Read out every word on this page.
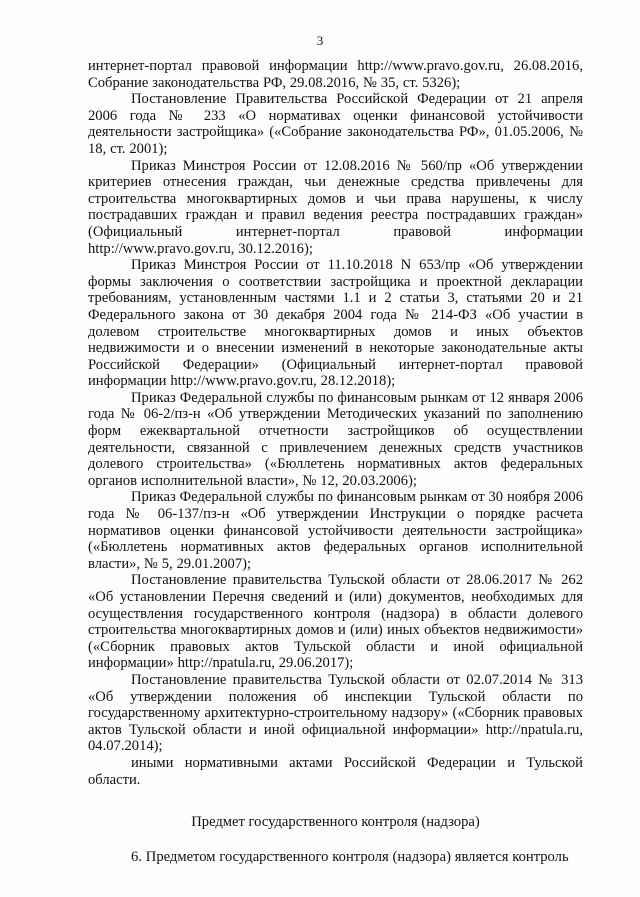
3

интернет-портал правовой информации http://www.pravo.gov.ru, 26.08.2016, Собрание законодательства РФ, 29.08.2016, № 35, ст. 5326);

Постановление Правительства Российской Федерации от 21 апреля 2006 года № 233 «О нормативах оценки финансовой устойчивости деятельности застройщика» («Собрание законодательства РФ», 01.05.2006, № 18, ст. 2001);

Приказ Минстроя России от 12.08.2016 № 560/пр «Об утверждении критериев отнесения граждан, чьи денежные средства привлечены для строительства многоквартирных домов и чьи права нарушены, к числу пострадавших граждан и правил ведения реестра пострадавших граждан» (Официальный интернет-портал правовой информации http://www.pravo.gov.ru, 30.12.2016);

Приказ Минстроя России от 11.10.2018 N 653/пр «Об утверждении формы заключения о соответствии застройщика и проектной декларации требованиям, установленным частями 1.1 и 2 статьи 3, статьями 20 и 21 Федерального закона от 30 декабря 2004 года № 214-ФЗ «Об участии в долевом строительстве многоквартирных домов и иных объектов недвижимости и о внесении изменений в некоторые законодательные акты Российской Федерации» (Официальный интернет-портал правовой информации http://www.pravo.gov.ru, 28.12.2018);

Приказ Федеральной службы по финансовым рынкам от 12 января 2006 года № 06-2/пз-н «Об утверждении Методических указаний по заполнению форм ежеквартальной отчетности застройщиков об осуществлении деятельности, связанной с привлечением денежных средств участников долевого строительства» («Бюллетень нормативных актов федеральных органов исполнительной власти», № 12, 20.03.2006);

Приказ Федеральной службы по финансовым рынкам от 30 ноября 2006 года № 06-137/пз-н «Об утверждении Инструкции о порядке расчета нормативов оценки финансовой устойчивости деятельности застройщика» («Бюллетень нормативных актов федеральных органов исполнительной власти», № 5, 29.01.2007);

Постановление правительства Тульской области от 28.06.2017 № 262 «Об установлении Перечня сведений и (или) документов, необходимых для осуществления государственного контроля (надзора) в области долевого строительства многоквартирных домов и (или) иных объектов недвижимости» («Сборник правовых актов Тульской области и иной официальной информации» http://npatula.ru, 29.06.2017);

Постановление правительства Тульской области от 02.07.2014 № 313 «Об утверждении положения об инспекции Тульской области по государственному архитектурно-строительному надзору» («Сборник правовых актов Тульской области и иной официальной информации» http://npatula.ru, 04.07.2014);

иными нормативными актами Российской Федерации и Тульской области.

Предмет государственного контроля (надзора)

6. Предметом государственного контроля (надзора) является контроль
